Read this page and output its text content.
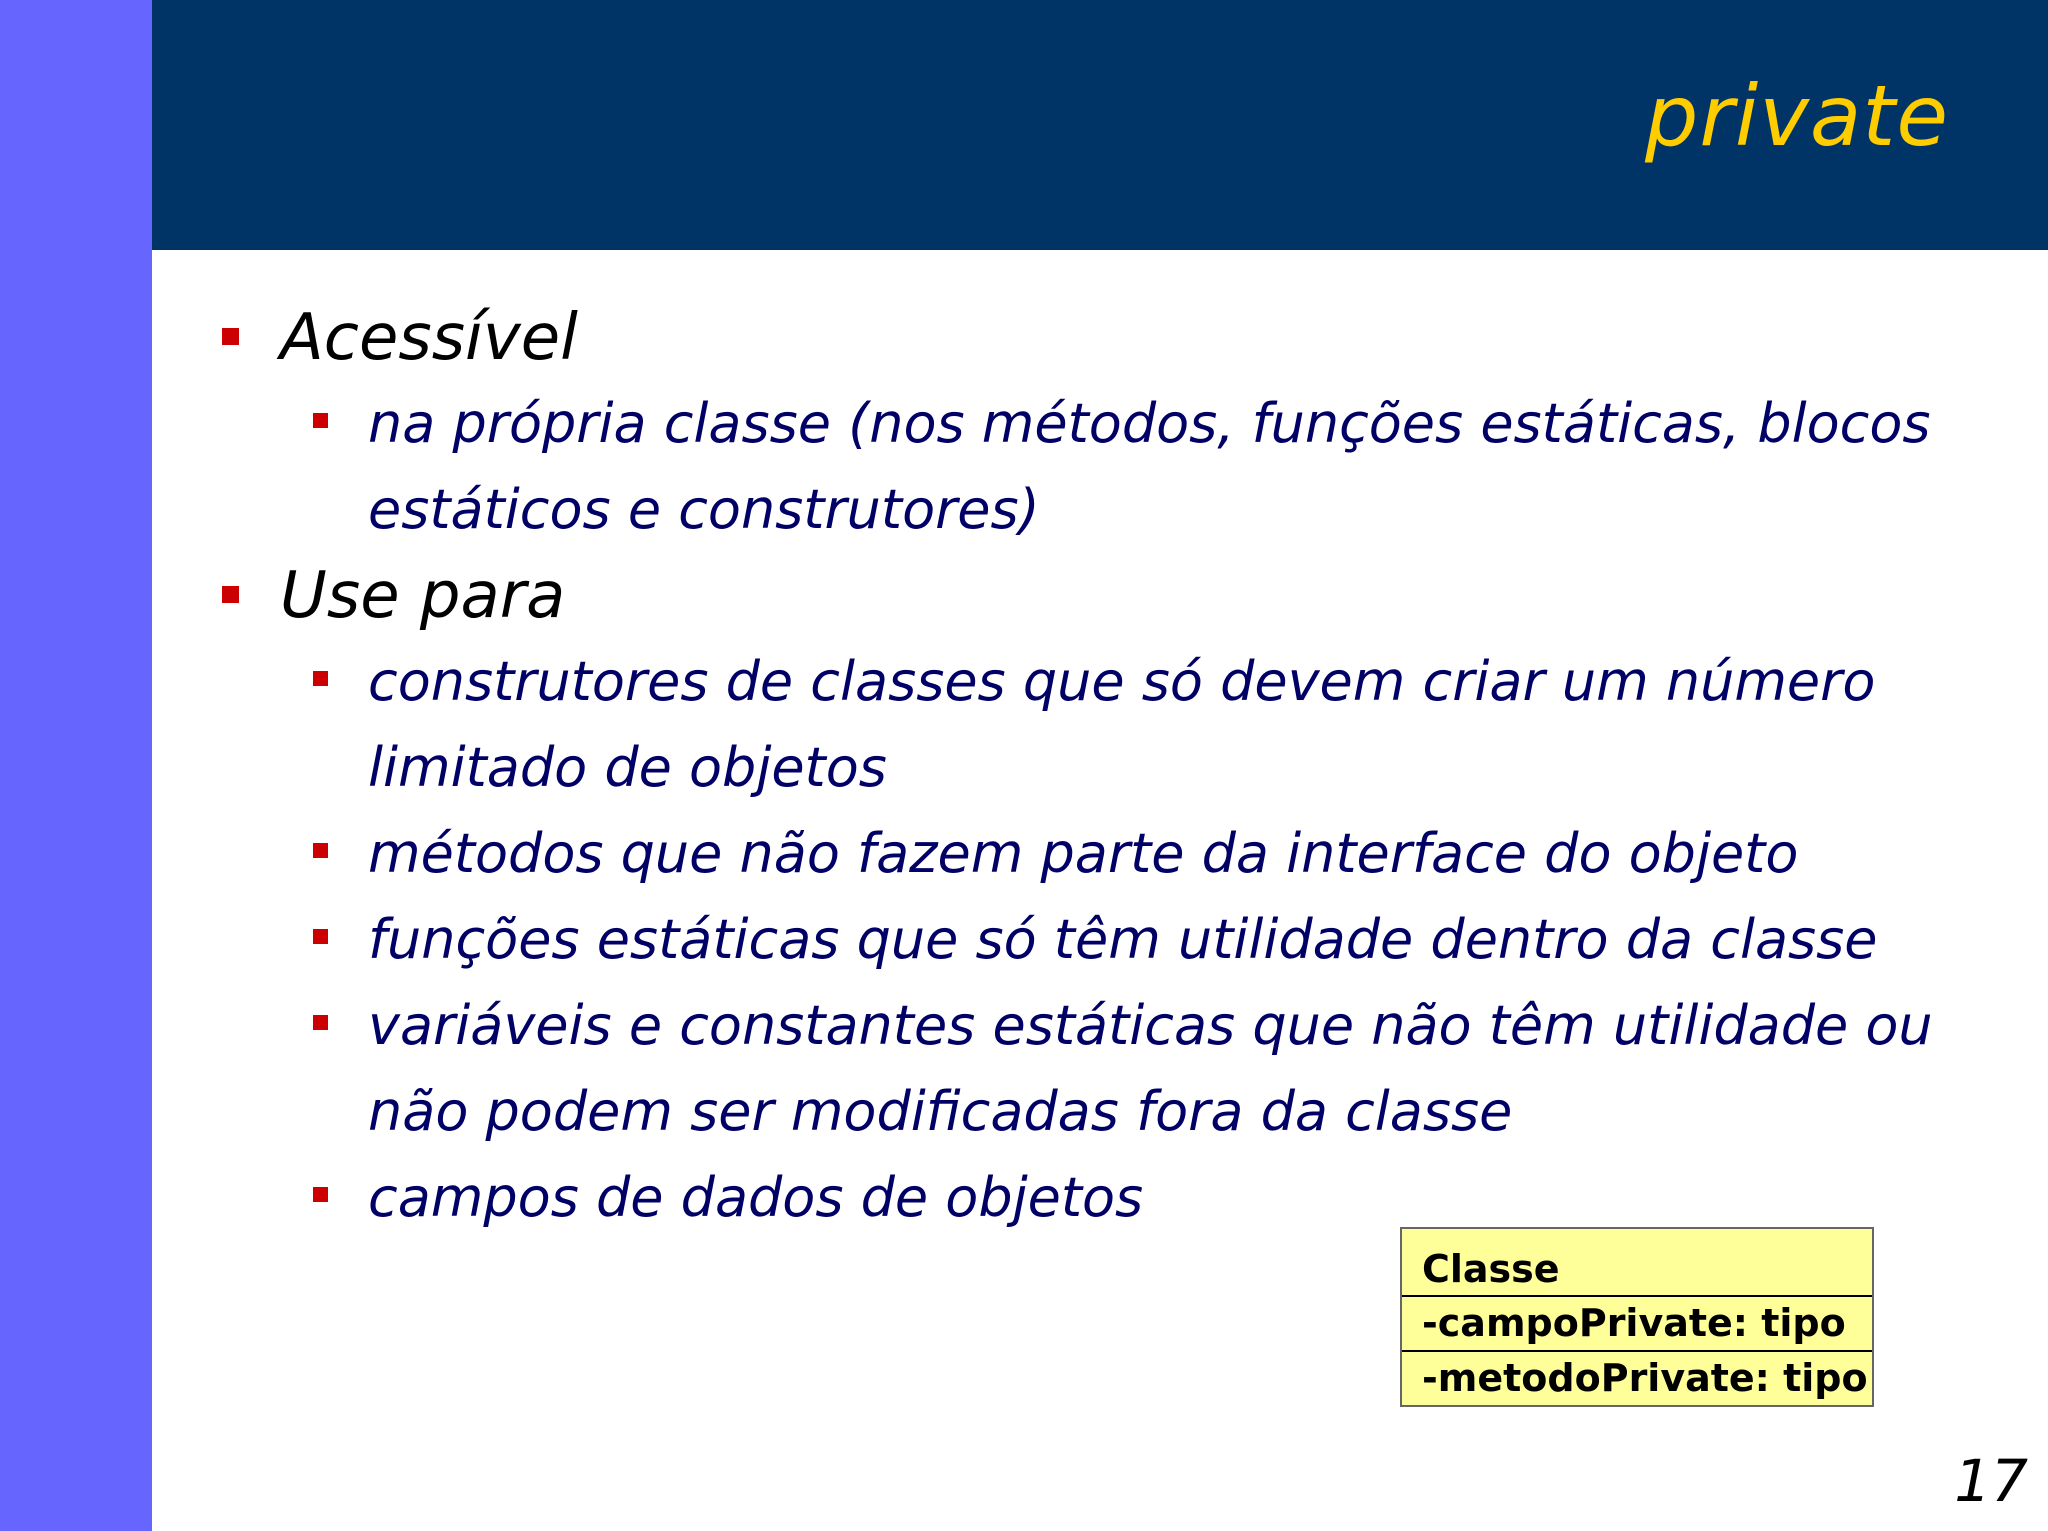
private
Acessível
na própria classe (nos métodos, funções estáticas, blocos
estáticos e construtores)
Use para
construtores de classes que só devem criar um número
limitado de objetos
métodos que não fazem parte da interface do objeto
funções estáticas que só têm utilidade dentro da classe
variáveis e constantes estáticas que não têm utilidade ou
não podem ser modificadas fora da classe
campos de dados de objetos
Classe
-campoPrivate: tipo
-metodoPrivate: tipo
17
